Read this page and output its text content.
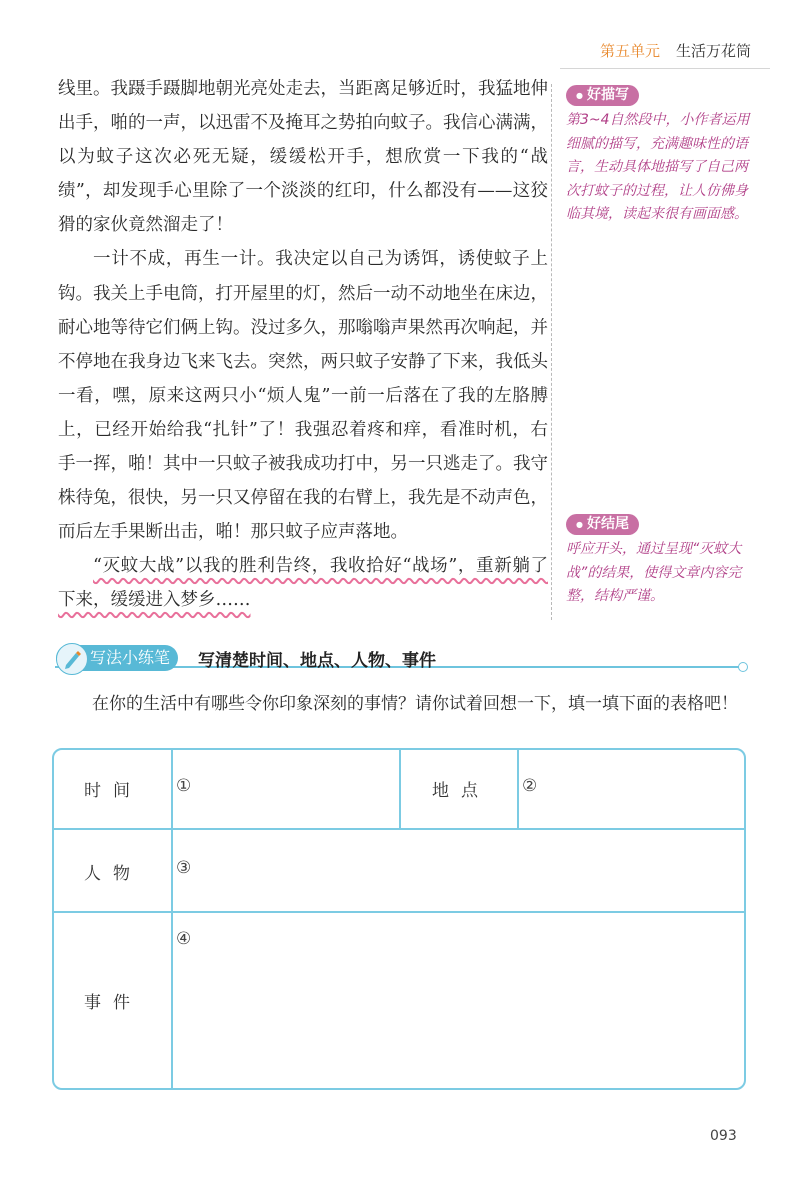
第五单元 生活万花筒

线里。我蹑手蹑脚地朝光亮处走去，当距离足够近时，我猛地伸出手，啪的一声，以迅雷不及掩耳之势拍向蚊子。我信心满满，以为蚊子这次必死无疑，缓缓松开手，想欣赏一下我的“战绩”，却发现手心里除了一个淡淡的红印，什么都没有——这狡猾的家伙竟然溜走了！

一计不成，再生一计。我决定以自己为诱饵，诱使蚊子上钩。我关上手电筒，打开屋里的灯，然后一动不动地坐在床边，耐心地等待它们俩上钩。没过多久，那嗡嗡声果然再次响起，并不停地在我身边飞来飞去。突然，两只蚊子安静了下来，我低头一看，嘿，原来这两只小“烦人鬼”一前一后落在了我的左胳膊上，已经开始给我“扎针”了！我强忍着疼和痒，看准时机，右手一挥，啪！其中一只蚊子被我成功打中，另一只逃走了。我守株待兔，很快，另一只又停留在我的右臂上，我先是不动声色，而后左手果断出击，啪！那只蚊子应声落地。

“灭蚊大战”以我的胜利告终，我收拾好“战场”，重新躺了下来，缓缓进入梦乡……

● 好描写
第3~4自然段中，小作者运用细腻的描写，充满趣味性的语言，生动具体地描写了自己两次打蚊子的过程，让人仿佛身临其境，读起来很有画面感。
● 好结尾
呼应开头，通过呈现“灭蚊大战”的结果，使得文章内容完整，结构严谨。
写法小练笔	写清楚时间、地点、人物、事件
在你的生活中有哪些令你印象深刻的事情？请你试着回想一下，填一填下面的表格吧！
时间 ①	地点 ②
人物 ③
事件
④
093
